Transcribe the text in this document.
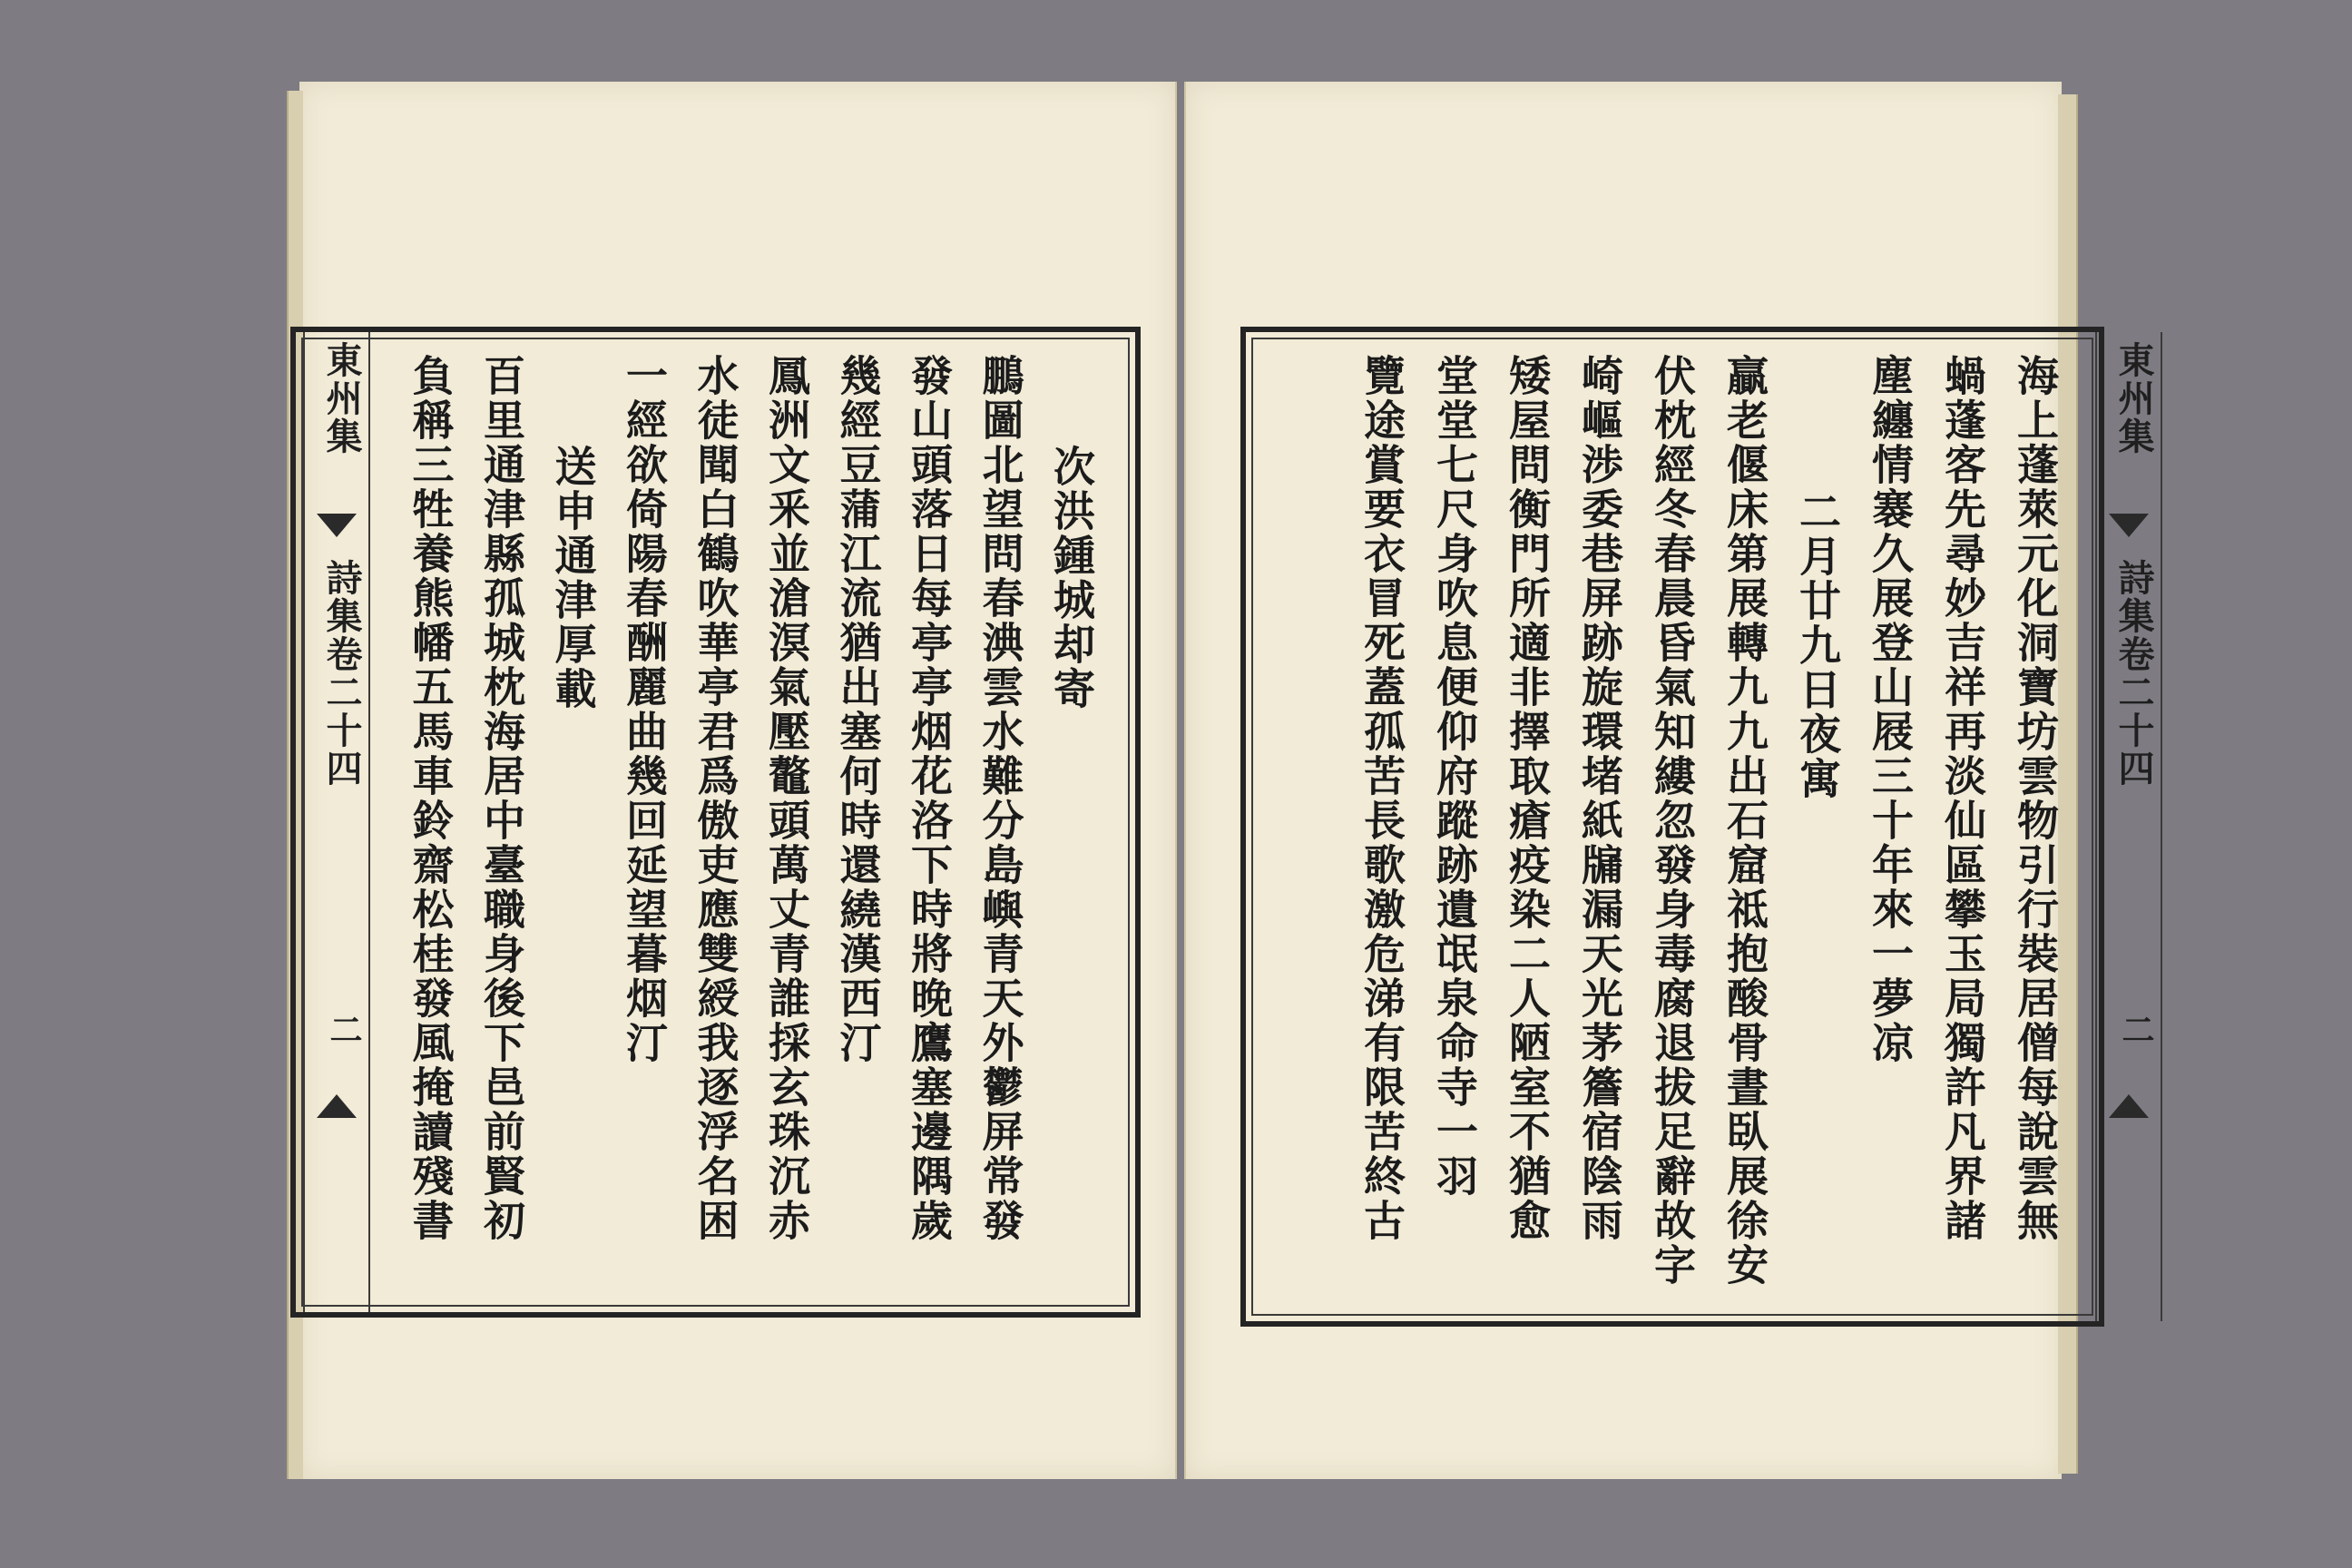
東州集
詩集卷二十四
二
次洪鍾城却寄
鵬圖北望問春淟雲水難分島嶼青天外鬱屏常發
發山頭落日每亭亭烟花洛下時將晚鷹塞邊隅歲
幾經豆蒲江流猶出塞何時還繞漢西汀
鳳洲文釆並滄溟氣壓鼇頭萬丈青誰採玄珠沉赤
水徒聞白鶴吹華亭君爲傲吏應雙綬我逐浮名困
一經欲倚陽春酬麗曲幾回延望暮烟汀
送申通津厚載
百里通津縣孤城枕海居中臺職身後下邑前賢初
負稱三牲養熊幡五馬車鈴齋松桂發風掩讀殘書	海上蓬萊元化洞寶坊雲物引行裝居僧每說雲無
蝸蓬客先尋妙吉祥再淡仙區攀玉局獨許凡界諸
塵纏情褰久展登山屐三十年來一夢凉
二月廿九日夜寓
贏老偃床第展轉九九出石窟祗抱酸骨晝臥展徐安
伏枕經冬春晨昏氣知縷忽發身毒腐退拔足辭故字
崎嶇渉委巷屏跡旋環堵紙牖漏天光茅簷宿陰雨
矮屋問衡門所適非擇取瘡疫染二人陋室不猶愈
堂堂七尺身吹息便仰府蹤跡遺氓泉命寺一羽
覽途賞要衣冒死蓋孤苦長歌激危涕有限苦終古	東州集
詩集卷二十四
二
